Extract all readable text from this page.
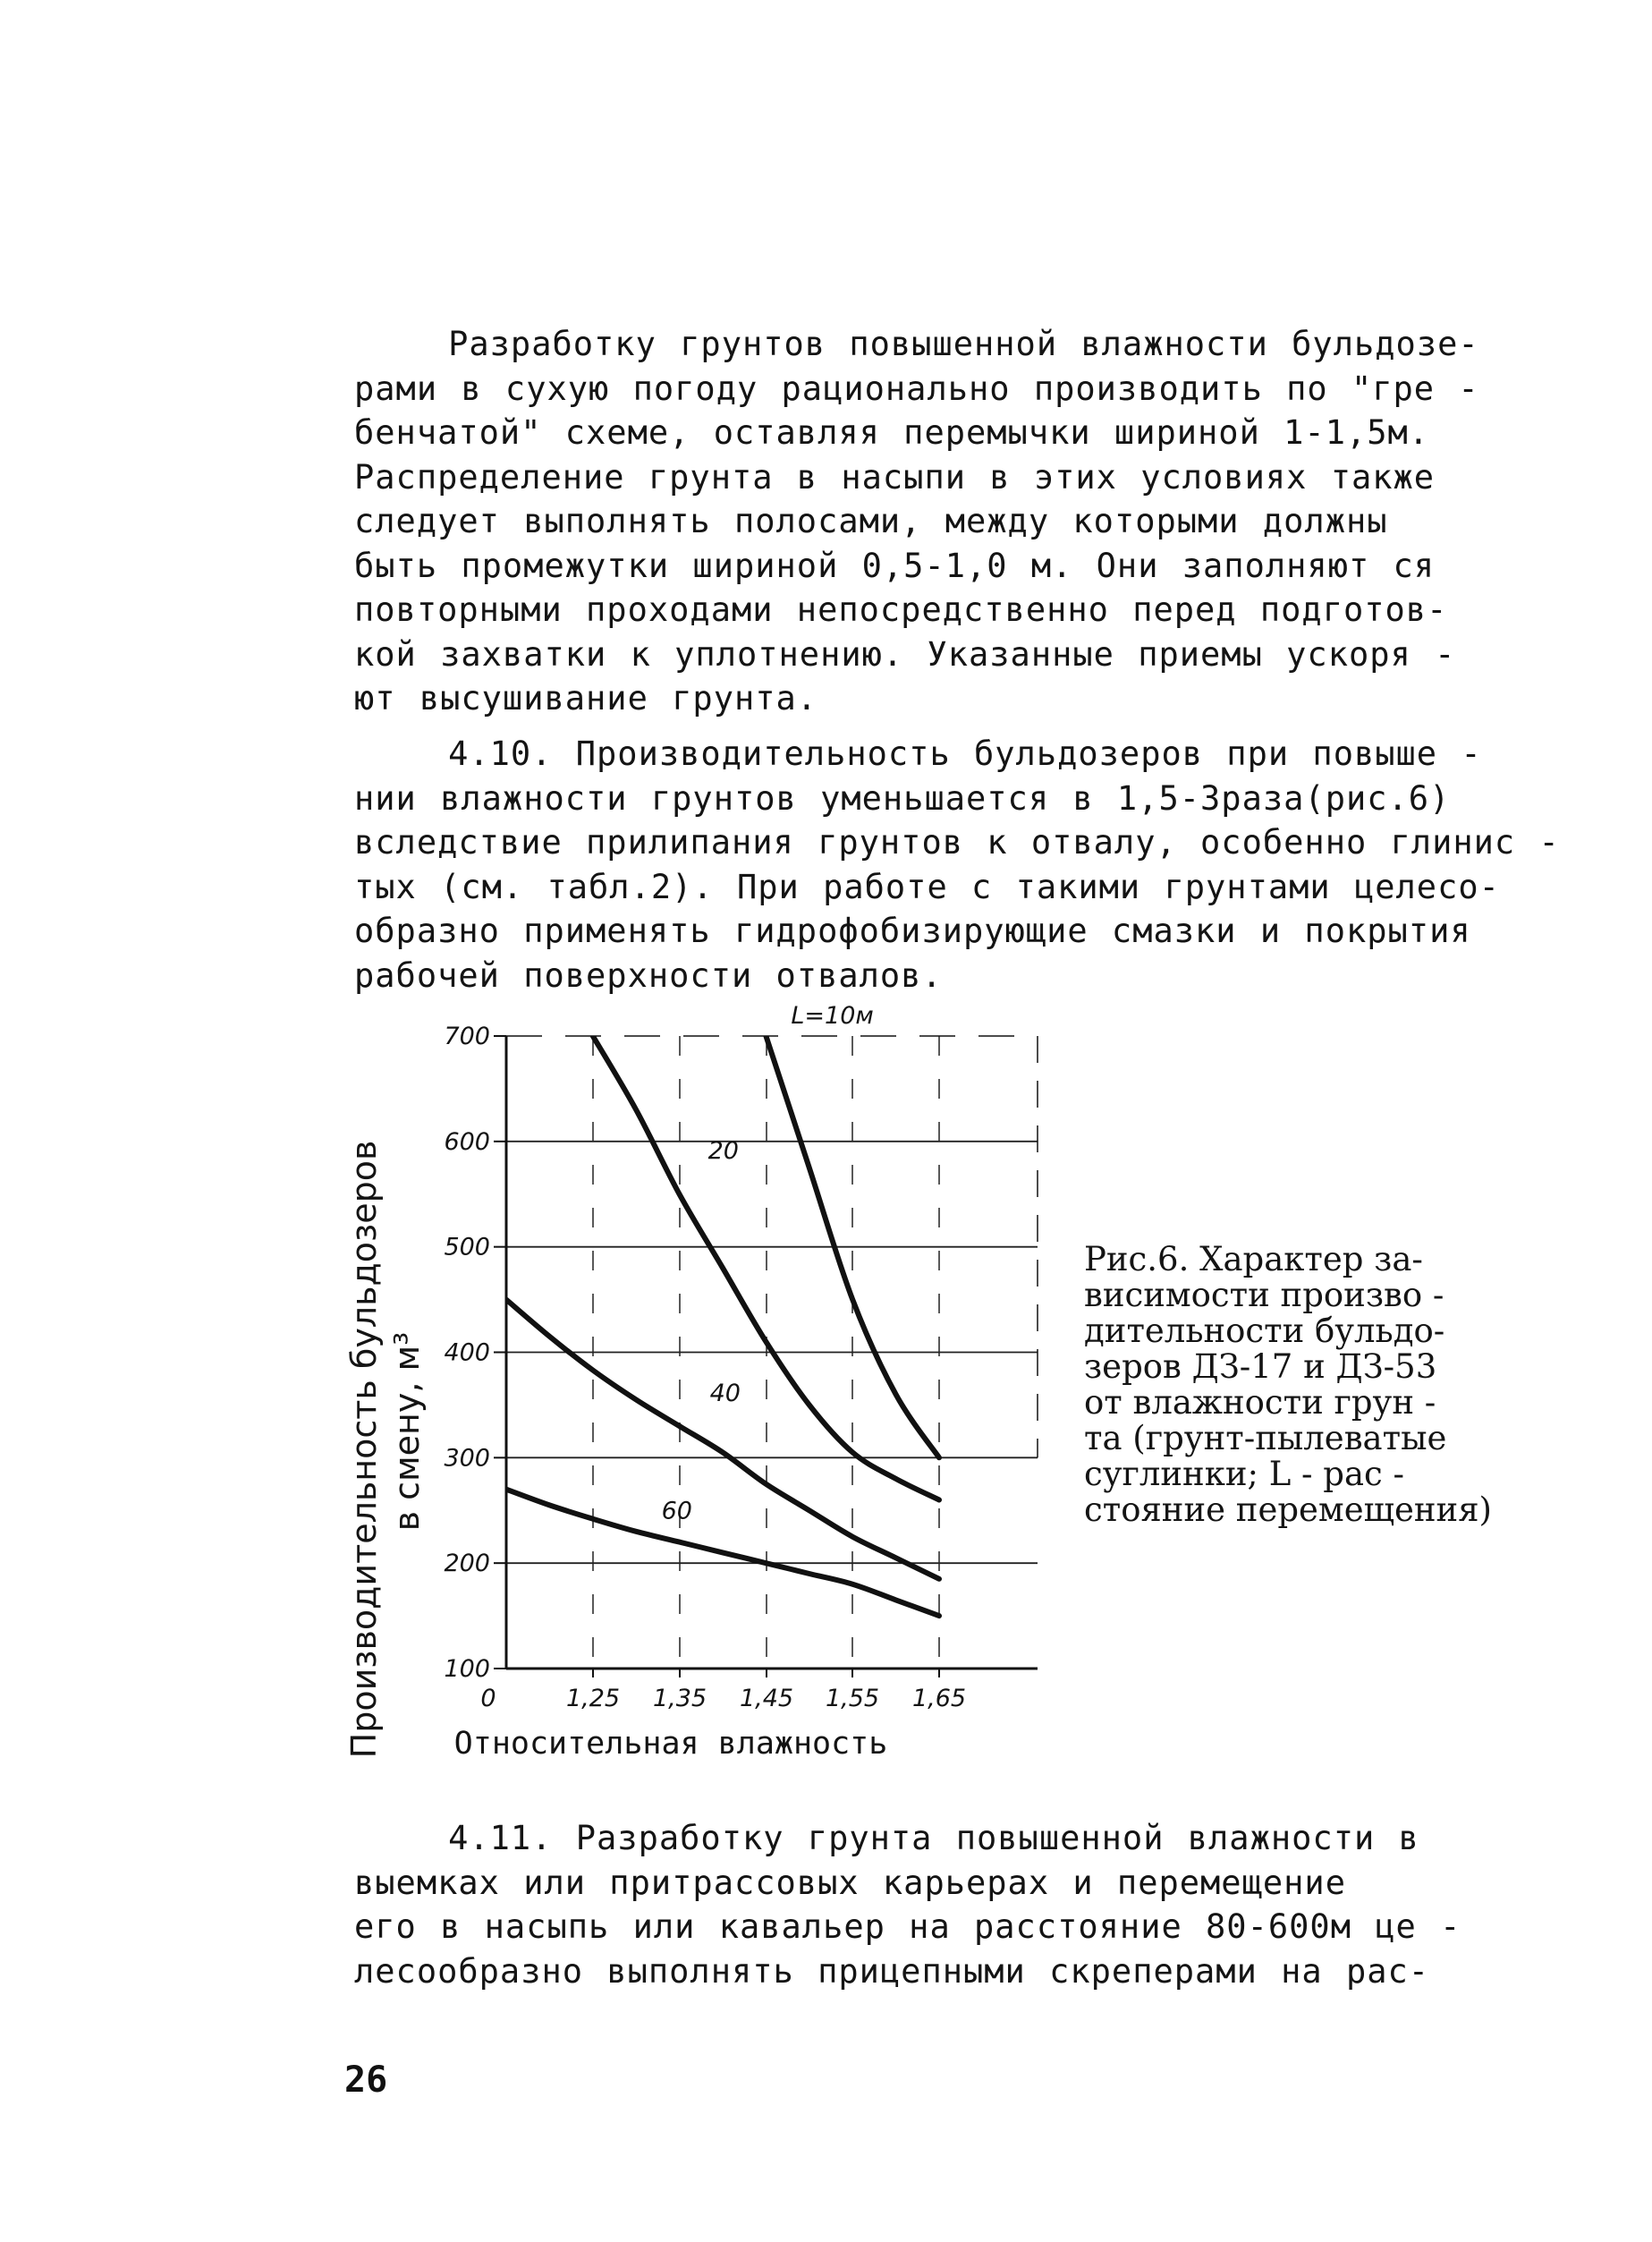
Разработку грунтов повышенной влажности бульдозе-
рами в сухую погоду рационально производить по "гре -
бенчатой" схеме, оставляя перемычки шириной 1-1,5м.
Распределение грунта в насыпи в этих условиях также
следует выполнять полосами, между которыми должны
быть промежутки шириной 0,5-1,0 м. Они заполняют ся
повторными проходами непосредственно перед подготов-
кой захватки к уплотнению. Указанные приемы ускоря -
ют высушивание грунта.
4.10. Производительность бульдозеров при повыше -
нии влажности грунтов уменьшается в 1,5-3раза(рис.6)
вследствие прилипания грунтов к отвалу, особенно глинис -
тых (см. табл.2). При работе с такими грунтами целесо-
образно применять гидрофобизирующие смазки и покрытия
рабочей поверхности отвалов.
100
200
300
400
500
600
700
0	1,25 1,35 1,45 1,55 1,65
L=10м
20
40
60
Относительная влажность
Производительность бульдозеров в смену, м³
Рис.6. Характер за-
висимости произво -
дительности бульдо-
зеров ДЗ-17 и ДЗ-53
от влажности грун -
та (грунт-пылеватые
суглинки; L - рас -
стояние перемещения)
4.11. Разработку грунта повышенной влажности в
выемках или притрассовых карьерах и перемещение
его в насыпь или кавальер на расстояние 80-600м це -
лесообразно выполнять прицепными скреперами на рас-
26
